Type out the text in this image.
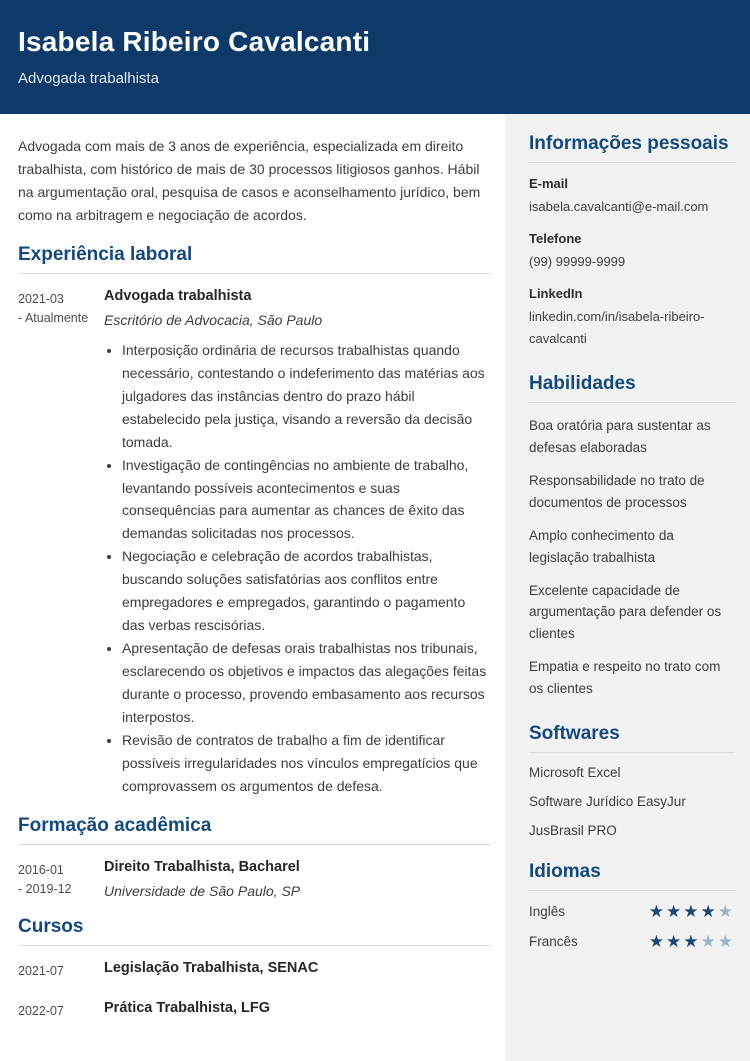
Isabela Ribeiro Cavalcanti
Advogada trabalhista

Advogada com mais de 3 anos de experiência, especializada em direito trabalhista, com histórico de mais de 30 processos litigiosos ganhos. Hábil na argumentação oral, pesquisa de casos e aconselhamento jurídico, bem como na arbitragem e negociação de acordos.

Experiência laboral
2021-03
- Atualmente
Advogada trabalhista
Escritório de Advocacia, São Paulo
• Interposição ordinária de recursos trabalhistas quando necessário, contestando o indeferimento das matérias aos julgadores das instâncias dentro do prazo hábil estabelecido pela justiça, visando a reversão da decisão tomada.
• Investigação de contingências no ambiente de trabalho, levantando possíveis acontecimentos e suas consequências para aumentar as chances de êxito das demandas solicitadas nos processos.
• Negociação e celebração de acordos trabalhistas, buscando soluções satisfatórias aos conflitos entre empregadores e empregados, garantindo o pagamento das verbas rescisórias.
• Apresentação de defesas orais trabalhistas nos tribunais, esclarecendo os objetivos e impactos das alegações feitas durante o processo, provendo embasamento aos recursos interpostos.
• Revisão de contratos de trabalho a fim de identificar possíveis irregularidades nos vínculos empregatícios que comprovassem os argumentos de defesa.
Formação acadêmica
2016-01
- 2019-12
Direito Trabalhista, Bacharel
Universidade de São Paulo, SP
Cursos
2021-07	Legislação Trabalhista, SENAC
2022-07	Prática Trabalhista, LFG
Informações pessoais
E-mail
isabela.cavalcanti@e-mail.com
Telefone
(99) 99999-9999
LinkedIn
linkedin.com/in/isabela-ribeiro-cavalcanti
Habilidades
Boa oratória para sustentar as defesas elaboradas
Responsabilidade no trato de documentos de processos
Amplo conhecimento da legislação trabalhista
Excelente capacidade de argumentação para defender os clientes
Empatia e respeito no trato com os clientes
Softwares
Microsoft Excel
Software Jurídico EasyJur
JusBrasil PRO
Idiomas
Inglês	★★★★★
Francês	★★★★★
